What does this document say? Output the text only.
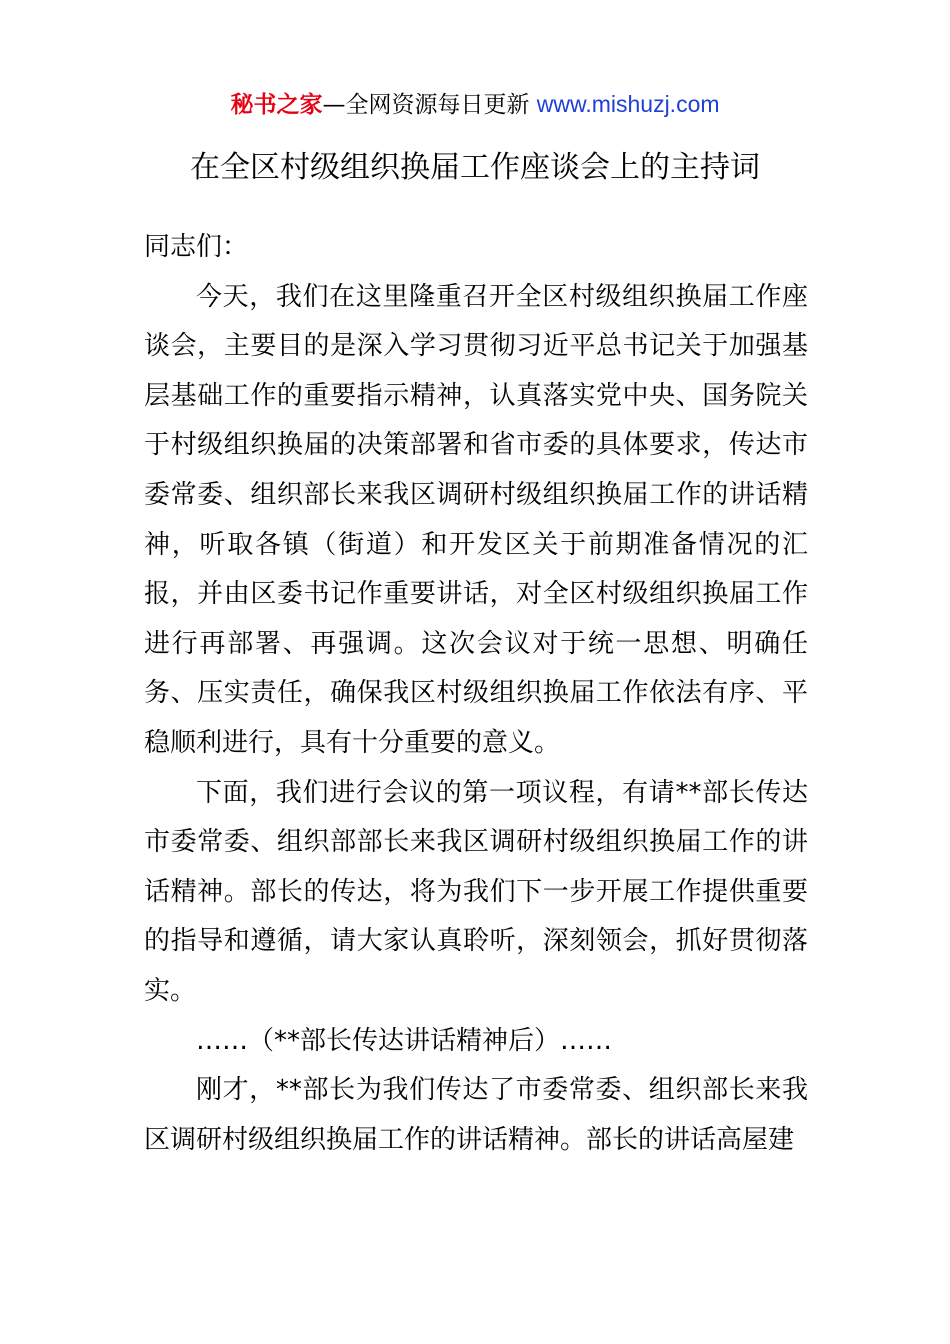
秘书之家—全网资源每日更新 www.mishuzj.com
在全区村级组织换届工作座谈会上的主持词

同志们：

今天，我们在这里隆重召开全区村级组织换届工作座谈会，主要目的是深入学习贯彻习近平总书记关于加强基层基础工作的重要指示精神，认真落实党中央、国务院关于村级组织换届的决策部署和省市委的具体要求，传达市委常委、组织部长来我区调研村级组织换届工作的讲话精神，听取各镇（街道）和开发区关于前期准备情况的汇报，并由区委书记作重要讲话，对全区村级组织换届工作进行再部署、再强调。这次会议对于统一思想、明确任务、压实责任，确保我区村级组织换届工作依法有序、平稳顺利进行，具有十分重要的意义。

下面，我们进行会议的第一项议程，有请**部长传达市委常委、组织部部长来我区调研村级组织换届工作的讲话精神。部长的传达，将为我们下一步开展工作提供重要的指导和遵循，请大家认真聆听，深刻领会，抓好贯彻落实。

……（**部长传达讲话精神后）……

刚才，**部长为我们传达了市委常委、组织部长来我区调研村级组织换届工作的讲话精神。部长的讲话高屋建
